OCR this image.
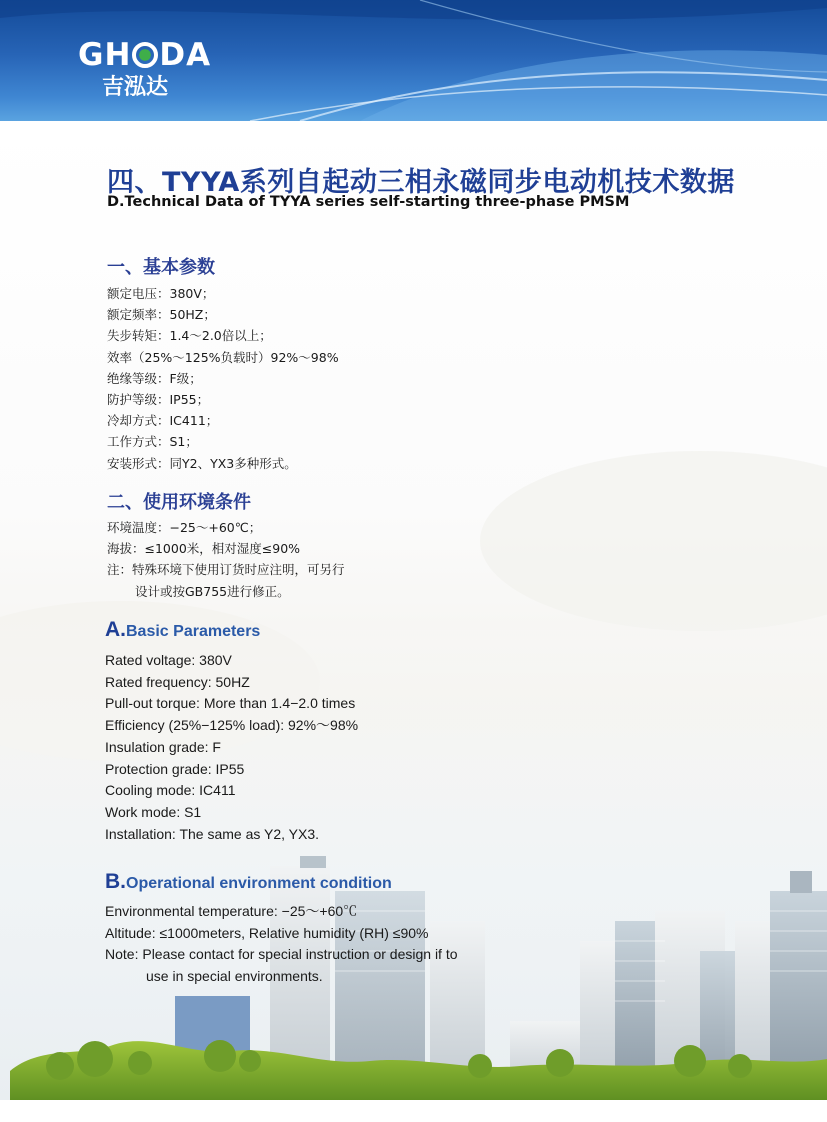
GH DA
吉泓达
四、TYYA系列自起动三相永磁同步电动机技术数据
D.Technical Data of TYYA series self-starting three-phase PMSM
一、基本参数
额定电压：380V；
额定频率：50HZ；
失步转矩：1.4～2.0倍以上；
效率（25%～125%负载时）92%～98%
绝缘等级：F级；
防护等级：IP55；
冷却方式：IC411；
工作方式：S1；
安装形式：同Y2、YX3多种形式。
二、使用环境条件
环境温度：−25～+60℃；
海拔：≤1000米，相对湿度≤90%
注：特殊环境下使用订货时应注明，可另行
设计或按GB755进行修正。
A.Basic Parameters
Rated voltage: 380V
Rated frequency: 50HZ
Pull-out torque: More than 1.4−2.0 times
Efficiency (25%−125% load): 92%～98%
Insulation grade: F
Protection grade: IP55
Cooling mode: IC411
Work mode: S1
Installation: The same as Y2, YX3.
B.Operational environment condition
Environmental temperature: −25～+60℃
Altitude: ≤1000meters, Relative humidity (RH) ≤90%
Note: Please contact for special instruction or design if to
use in special environments.
